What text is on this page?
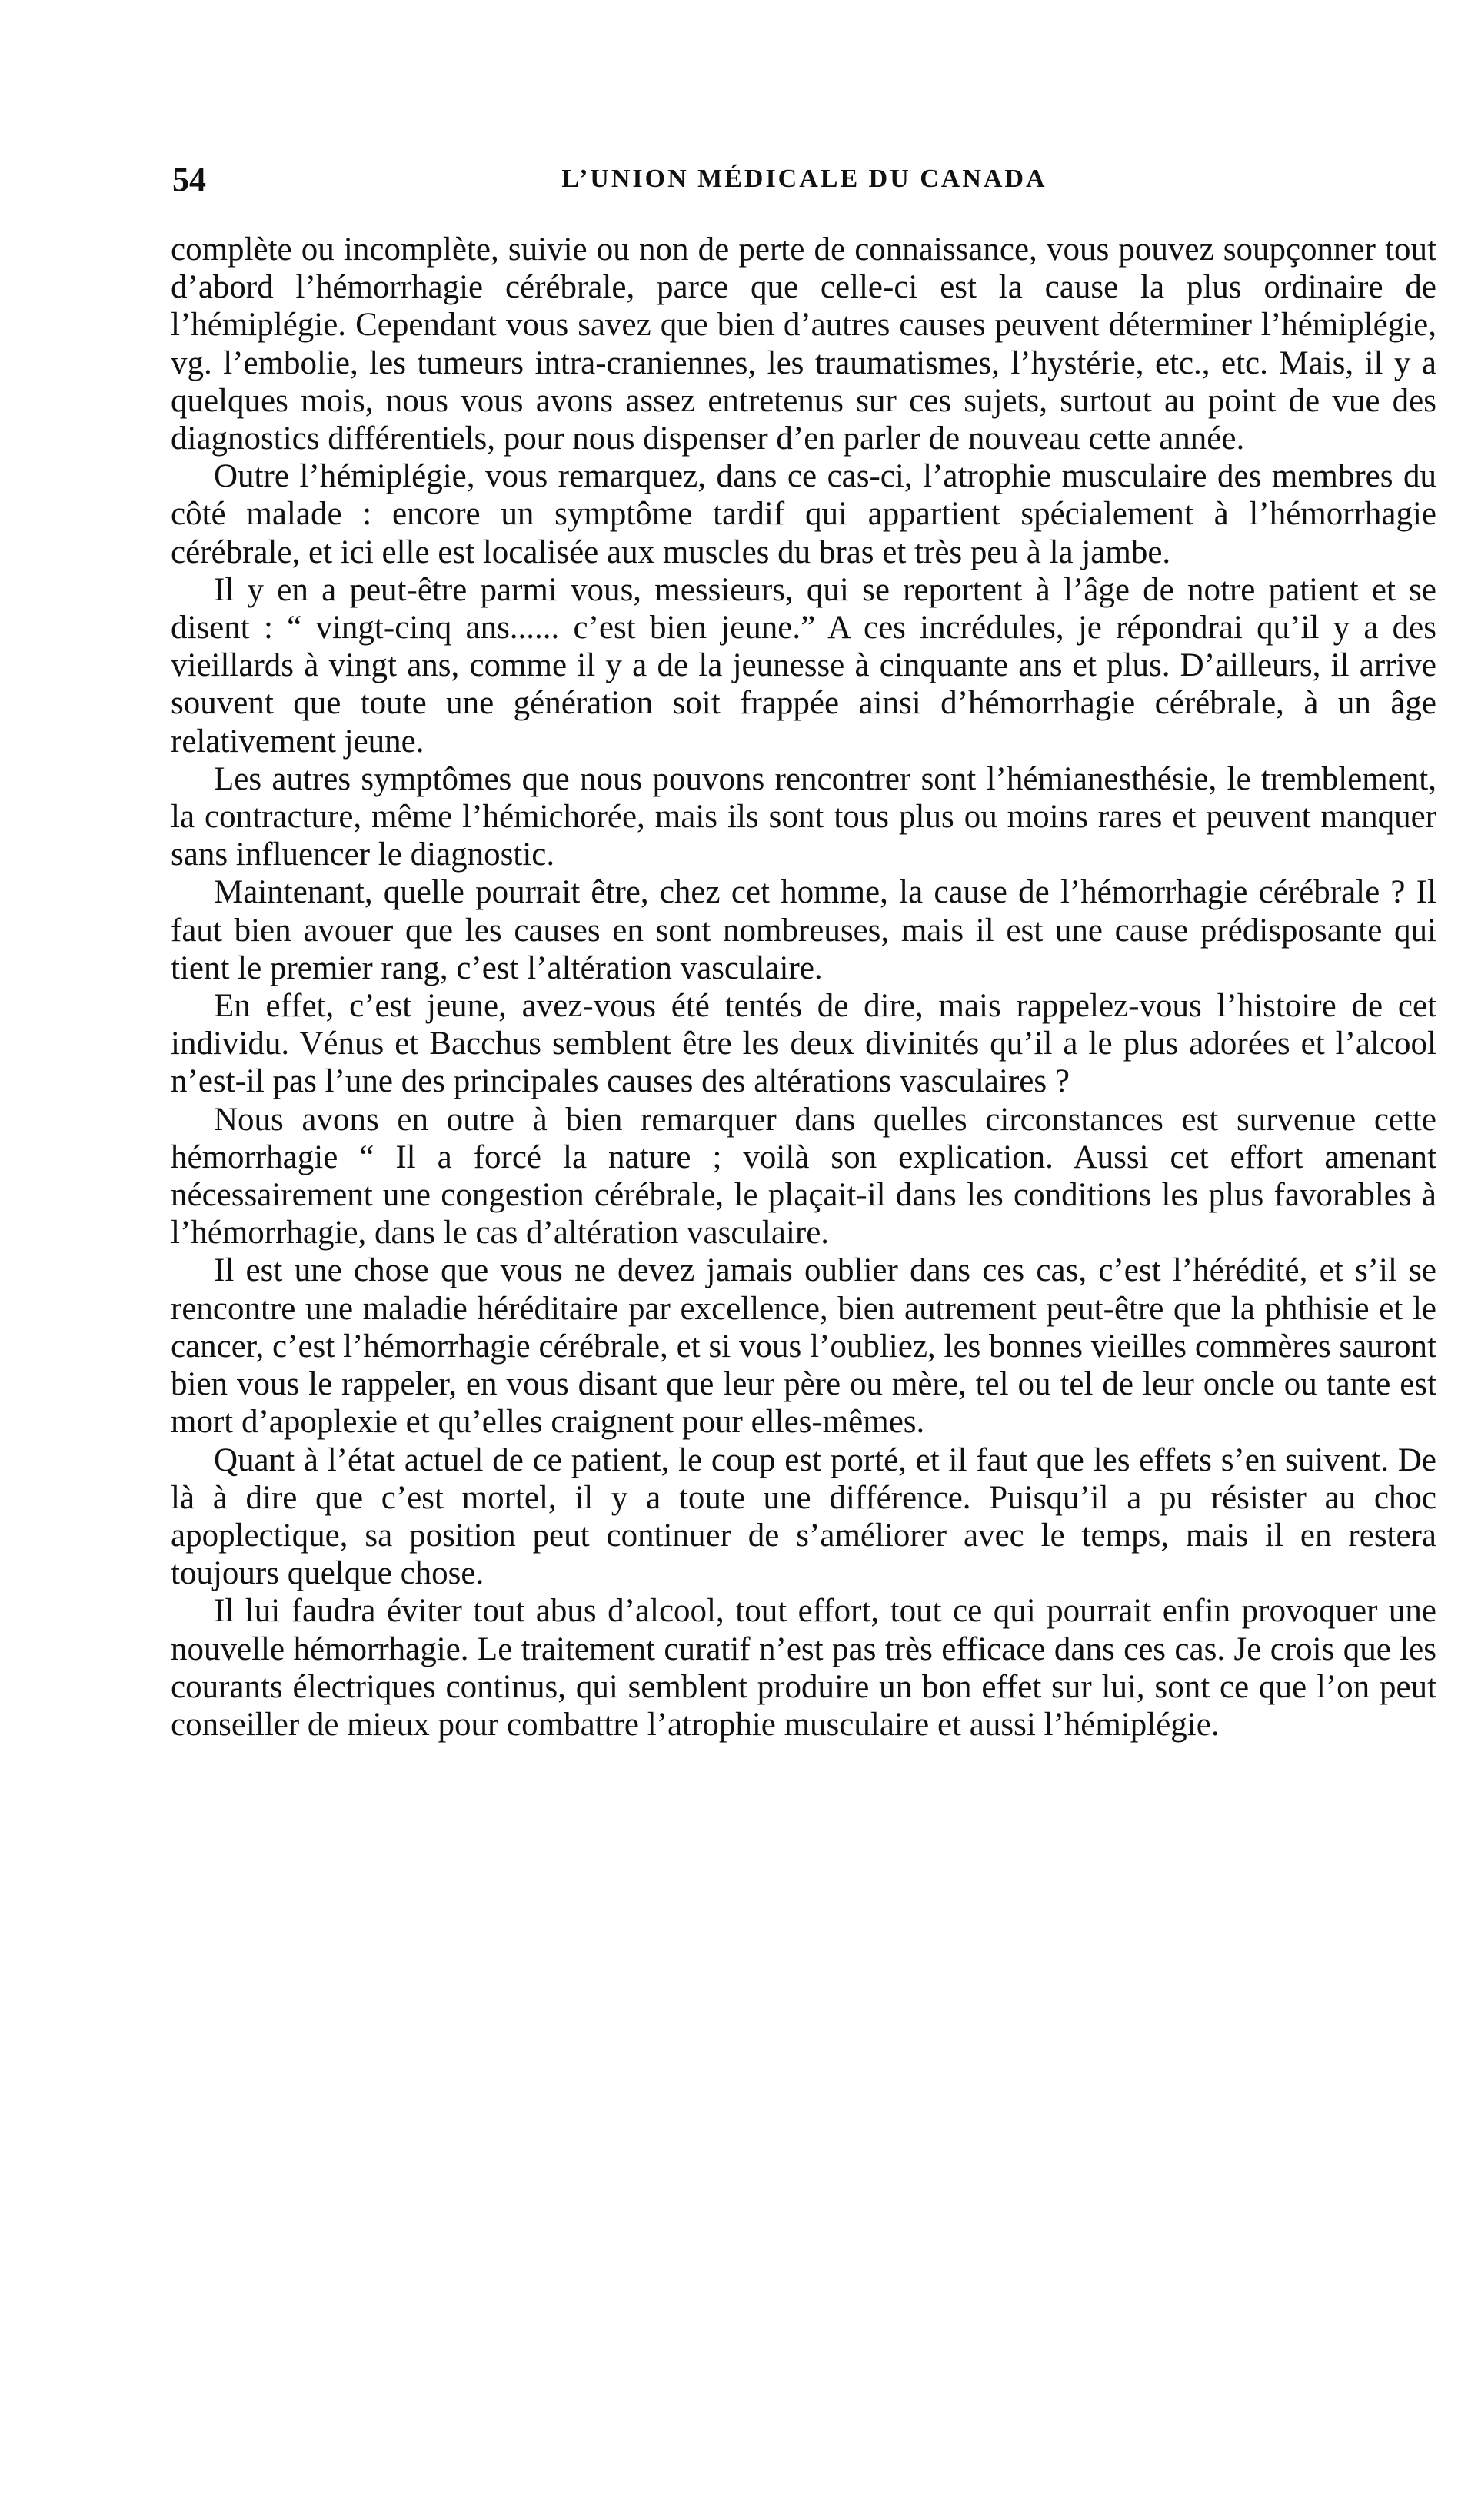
54	L’UNION MÉDICALE DU CANADA

complète ou incomplète, suivie ou non de perte de connaissance, vous pouvez soupçonner tout d’abord l’hémorrhagie cérébrale, parce que celle-ci est la cause la plus ordinaire de l’hémiplégie. Cependant vous savez que bien d’autres causes peuvent déterminer l’hémiplégie, vg. l’embolie, les tumeurs intra-craniennes, les traumatismes, l’hystérie, etc., etc. Mais, il y a quelques mois, nous vous avons assez entretenus sur ces sujets, surtout au point de vue des diagnostics différentiels, pour nous dispenser d’en parler de nouveau cette année.

Outre l’hémiplégie, vous remarquez, dans ce cas-ci, l’atrophie musculaire des membres du côté malade : encore un symptôme tardif qui appartient spécialement à l’hémorrhagie cérébrale, et ici elle est localisée aux muscles du bras et très peu à la jambe.

Il y en a peut-être parmi vous, messieurs, qui se reportent à l’âge de notre patient et se disent : “ vingt-cinq ans...... c’est bien jeune.” A ces incrédules, je répondrai qu’il y a des vieillards à vingt ans, comme il y a de la jeunesse à cinquante ans et plus. D’ailleurs, il arrive souvent que toute une génération soit frappée ainsi d’hémorrhagie cérébrale, à un âge relativement jeune.

Les autres symptômes que nous pouvons rencontrer sont l’hémianesthésie, le tremblement, la contracture, même l’hémichorée, mais ils sont tous plus ou moins rares et peuvent manquer sans influencer le diagnostic.

Maintenant, quelle pourrait être, chez cet homme, la cause de l’hémorrhagie cérébrale ? Il faut bien avouer que les causes en sont nombreuses, mais il est une cause prédisposante qui tient le premier rang, c’est l’altération vasculaire.

En effet, c’est jeune, avez-vous été tentés de dire, mais rappelez-vous l’histoire de cet individu. Vénus et Bacchus semblent être les deux divinités qu’il a le plus adorées et l’alcool n’est-il pas l’une des principales causes des altérations vasculaires ?

Nous avons en outre à bien remarquer dans quelles circonstances est survenue cette hémorrhagie “ Il a forcé la nature ; voilà son explication. Aussi cet effort amenant nécessairement une congestion cérébrale, le plaçait-il dans les conditions les plus favorables à l’hémorrhagie, dans le cas d’altération vasculaire.

Il est une chose que vous ne devez jamais oublier dans ces cas, c’est l’hérédité, et s’il se rencontre une maladie héréditaire par excellence, bien autrement peut-être que la phthisie et le cancer, c’est l’hémorrhagie cérébrale, et si vous l’oubliez, les bonnes vieilles commères sauront bien vous le rappeler, en vous disant que leur père ou mère, tel ou tel de leur oncle ou tante est mort d’apoplexie et qu’elles craignent pour elles-mêmes.

Quant à l’état actuel de ce patient, le coup est porté, et il faut que les effets s’en suivent. De là à dire que c’est mortel, il y a toute une différence. Puisqu’il a pu résister au choc apoplectique, sa position peut continuer de s’améliorer avec le temps, mais il en restera toujours quelque chose.

Il lui faudra éviter tout abus d’alcool, tout effort, tout ce qui pourrait enfin provoquer une nouvelle hémorrhagie. Le traitement curatif n’est pas très efficace dans ces cas. Je crois que les courants électriques continus, qui semblent produire un bon effet sur lui, sont ce que l’on peut conseiller de mieux pour combattre l’atrophie musculaire et aussi l’hémiplégie.
